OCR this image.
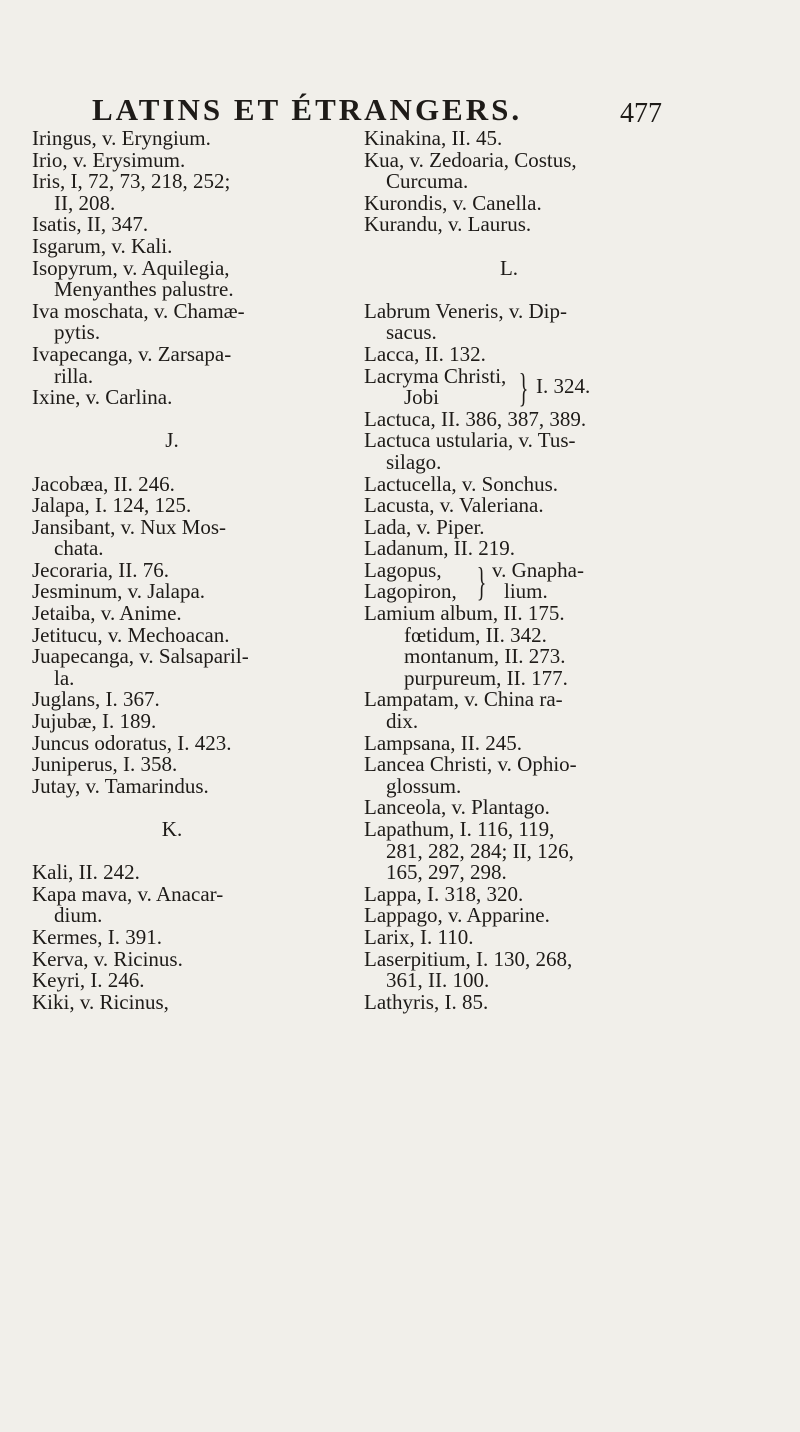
LATINS ET ÉTRANGERS.	477
Iringus, v. Eryngium.
Irio, v. Erysimum.
Iris, I, 72, 73, 218, 252;
II, 208.
Isatis, II, 347.
Isgarum, v. Kali.
Isopyrum, v. Aquilegia,
Menyanthes palustre.
Iva moschata, v. Chamæ-
pytis.
Ivapecanga, v. Zarsapa-
rilla.
Ixine, v. Carlina.
J.
Jacobæa, II. 246.
Jalapa, I. 124, 125.
Jansibant, v. Nux Mos-
chata.
Jecoraria, II. 76.
Jesminum, v. Jalapa.
Jetaiba, v. Anime.
Jetitucu, v. Mechoacan.
Juapecanga, v. Salsaparil-
la.
Juglans, I. 367.
Jujubæ, I. 189.
Juncus odoratus, I. 423.
Juniperus, I. 358.
Jutay, v. Tamarindus.
K.
Kali, II. 242.
Kapa mava, v. Anacar-
dium.
Kermes, I. 391.
Kerva, v. Ricinus.
Keyri, I. 246.
Kiki, v. Ricinus,
Kinakina, II. 45.
Kua, v. Zedoaria, Costus,
Curcuma.
Kurondis, v. Canella.
Kurandu, v. Laurus.
L.
Labrum Veneris, v. Dip-
sacus.
Lacca, II. 132.
Lacryma Christi,
Jobi } I. 324.
Lactuca, II. 386, 387, 389.
Lactuca ustularia, v. Tus-
silago.
Lactucella, v. Sonchus.
Lacusta, v. Valeriana.
Lada, v. Piper.
Ladanum, II. 219.
Lagopus,
Lagopiron, } v. Gnapha-
lium.
Lamium album, II. 175.
fœtidum, II. 342.
montanum, II. 273.
purpureum, II. 177.
Lampatam, v. China ra-
dix.
Lampsana, II. 245.
Lancea Christi, v. Ophio-
glossum.
Lanceola, v. Plantago.
Lapathum, I. 116, 119,
281, 282, 284; II, 126,
165, 297, 298.
Lappa, I. 318, 320.
Lappago, v. Apparine.
Larix, I. 110.
Laserpitium, I. 130, 268,
361, II. 100.
Lathyris, I. 85.
